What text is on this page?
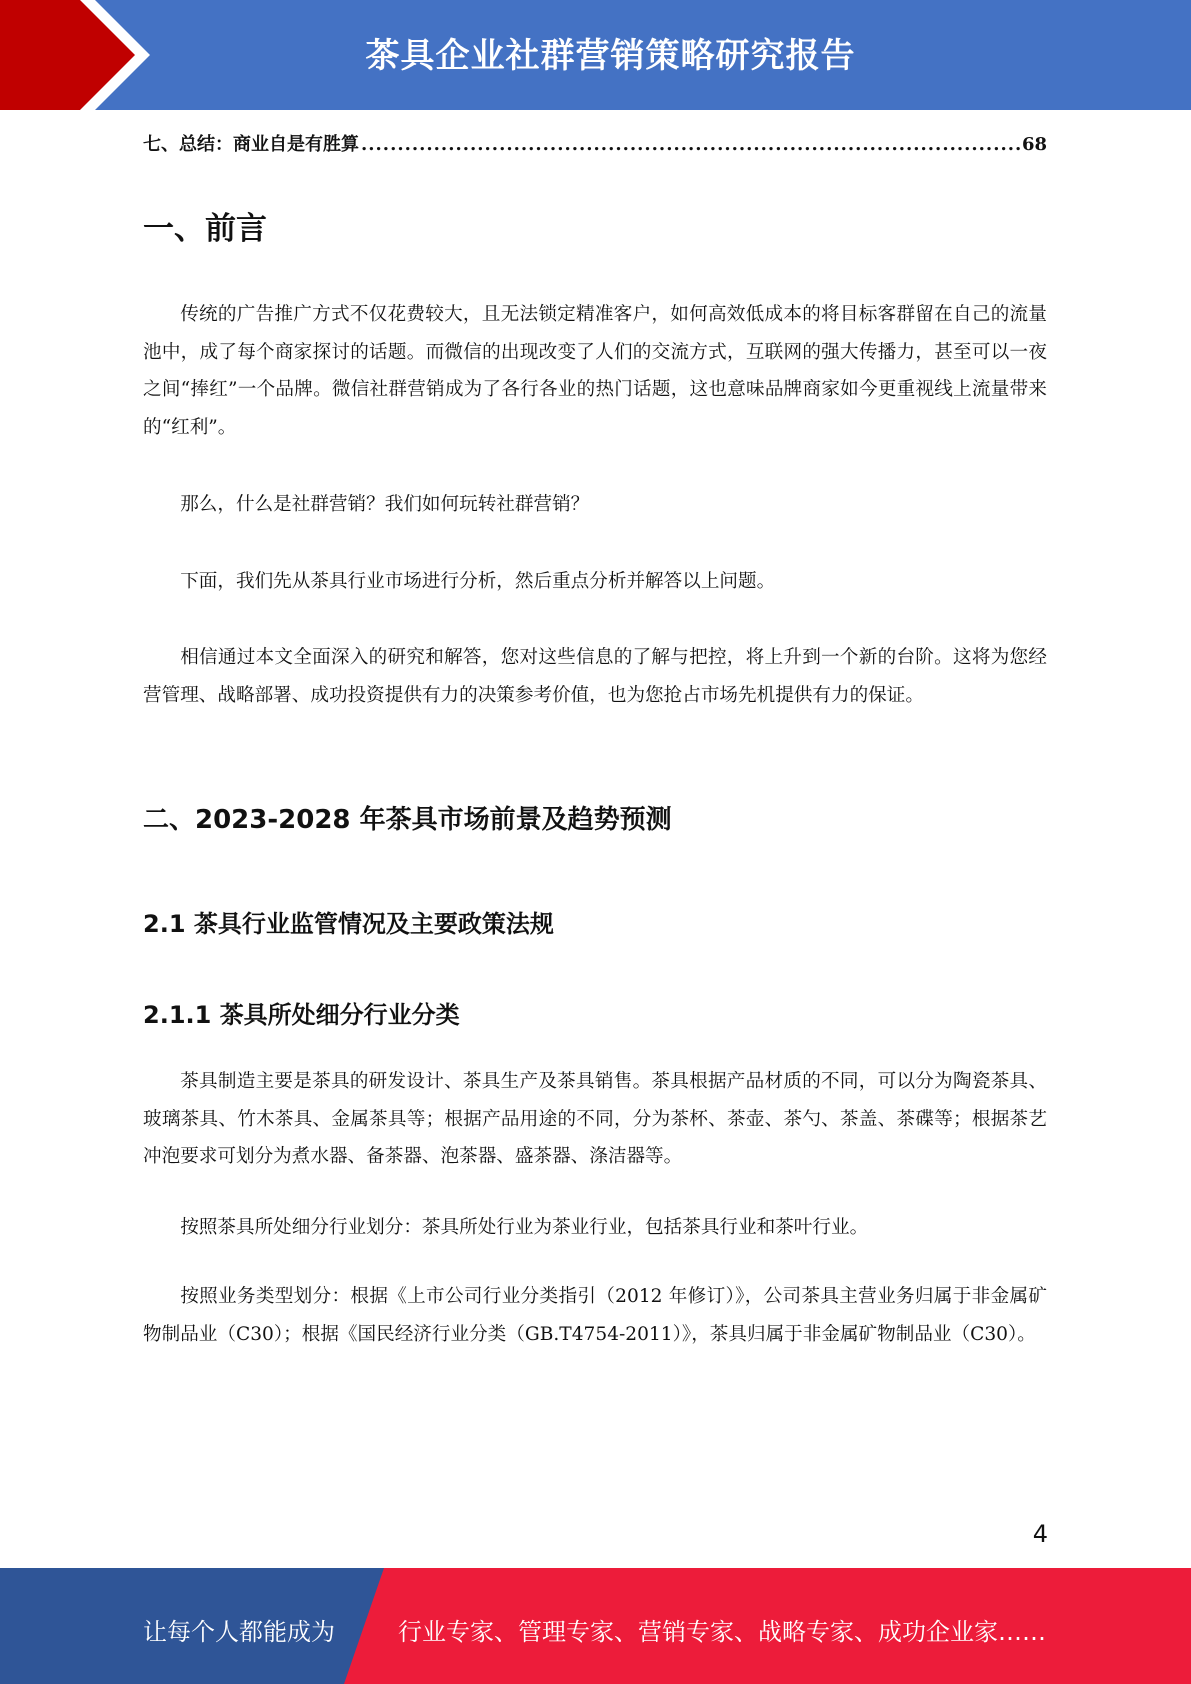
茶具企业社群营销策略研究报告
七、总结：商业自是有胜算
.....	68
一、前言

传统的广告推广方式不仅花费较大，且无法锁定精准客户，如何高效低成本的将目标客群留在自己的流量池中，成了每个商家探讨的话题。而微信的出现改变了人们的交流方式，互联网的强大传播力，甚至可以一夜之间“捧红”一个品牌。微信社群营销成为了各行各业的热门话题，这也意味品牌商家如今更重视线上流量带来的“红利”。

那么，什么是社群营销？我们如何玩转社群营销？

下面，我们先从茶具行业市场进行分析，然后重点分析并解答以上问题。

相信通过本文全面深入的研究和解答，您对这些信息的了解与把控，将上升到一个新的台阶。这将为您经营管理、战略部署、成功投资提供有力的决策参考价值，也为您抢占市场先机提供有力的保证。

二、2023-2028 年茶具市场前景及趋势预测
2.1 茶具行业监管情况及主要政策法规
2.1.1 茶具所处细分行业分类

茶具制造主要是茶具的研发设计、茶具生产及茶具销售。茶具根据产品材质的不同，可以分为陶瓷茶具、玻璃茶具、竹木茶具、金属茶具等；根据产品用途的不同，分为茶杯、茶壶、茶勺、茶盖、茶碟等；根据茶艺冲泡要求可划分为煮水器、备茶器、泡茶器、盛茶器、涤洁器等。

按照茶具所处细分行业划分：茶具所处行业为茶业行业，包括茶具行业和茶叶行业。

按照业务类型划分：根据《上市公司行业分类指引（2012 年修订）》，公司茶具主营业务归属于非金属矿物制品业（C30）；根据《国民经济行业分类（GB.T4754-2011）》，茶具归属于非金属矿物制品业（C30）。

4
让每个人都能成为	行业专家、管理专家、营销专家、战略专家、成功企业家……
